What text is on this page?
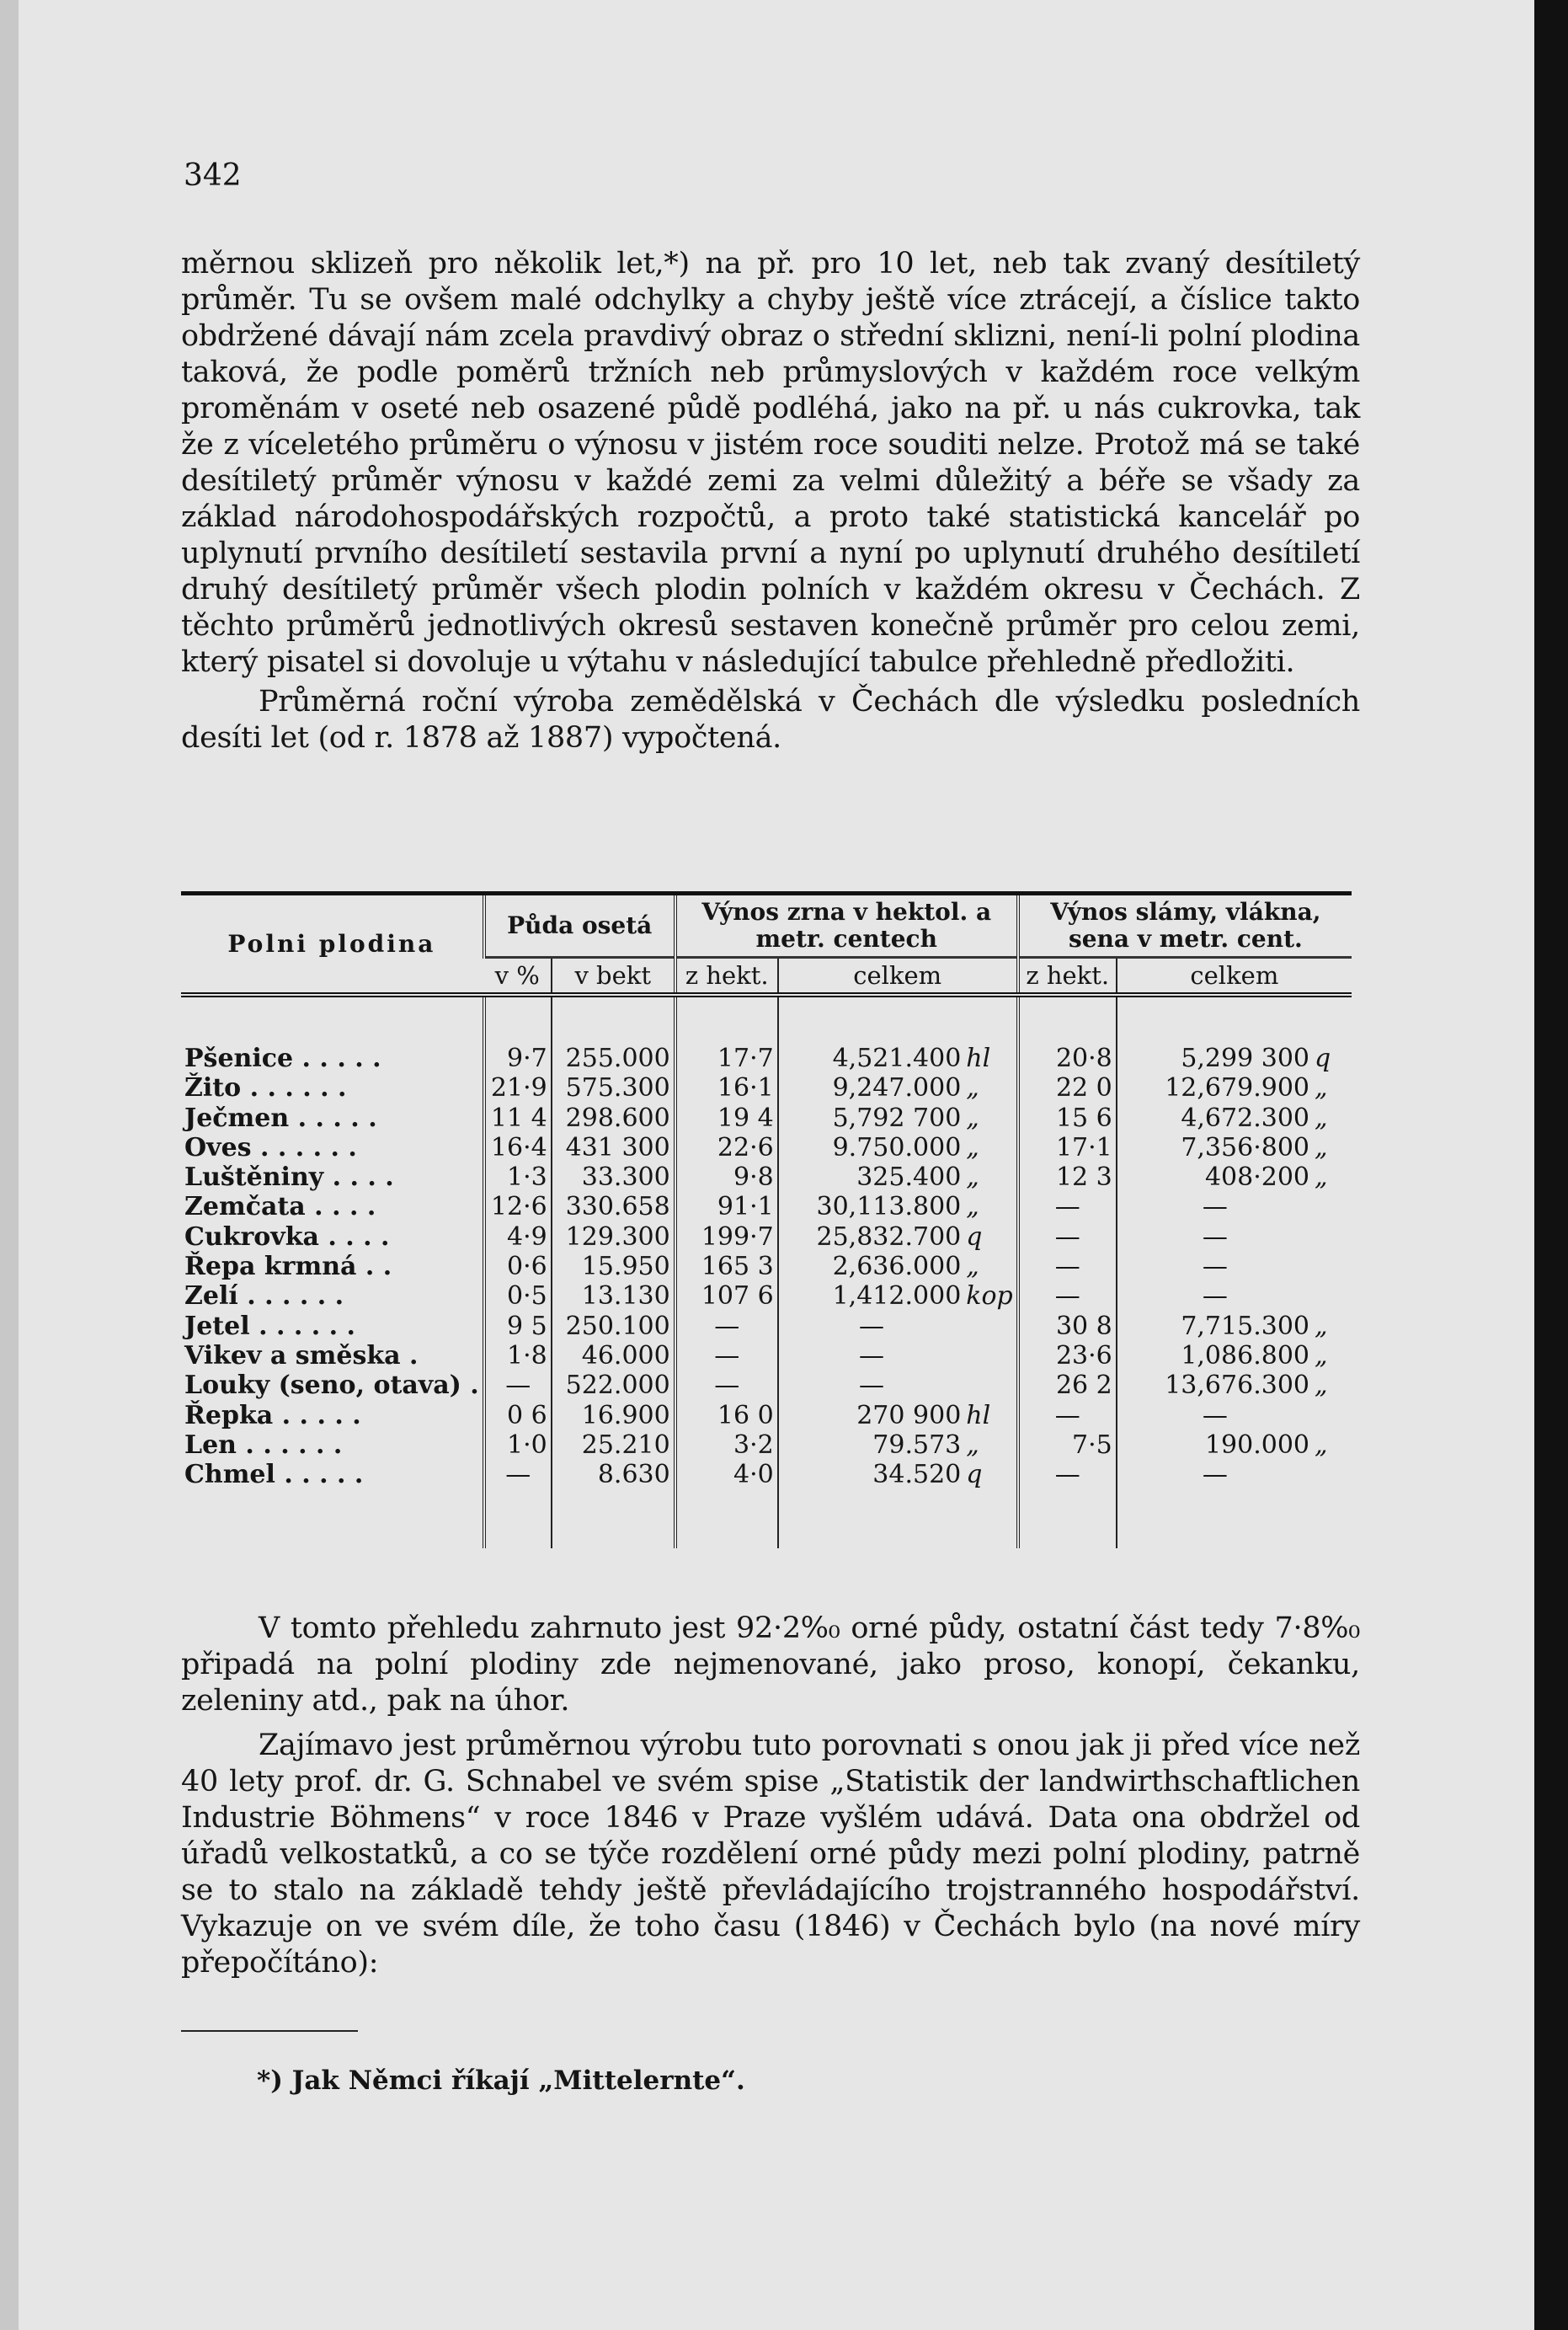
342

měrnou sklizeň pro několik let,*) na př. pro 10 let, neb tak zvaný desítiletý průměr. Tu se ovšem malé odchylky a chyby ještě více ztrácejí, a číslice takto obdržené dávají nám zcela pravdivý obraz o střední sklizni, není-li polní plodina taková, že podle poměrů tržních neb průmyslových v každém roce velkým proměnám v oseté neb osazené půdě podléhá, jako na př. u nás cukrovka, tak že z víceletého průměru o výnosu v jistém roce souditi nelze. Protož má se také desítiletý průměr výnosu v každé zemi za velmi důležitý a béře se všady za základ národohospodářských rozpočtů, a proto také statistická kancelář po uplynutí prvního desítiletí sestavila první a nyní po uplynutí druhého desítiletí druhý desítiletý průměr všech plodin polních v každém okresu v Čechách. Z těchto průměrů jednotlivých okresů sestaven konečně průměr pro celou zemi, který pisatel si dovoluje u výtahu v následující tabulce přehledně předložiti.

Průměrná roční výroba zemědělská v Čechách dle výsledku posledních desíti let (od r. 1878 až 1887) vypočtená.

Polni plodina	Půda osetá		Výnos zrna v hektol. a metr. centech			Výnos slámy, vlákna, sena v metr. cent.		
	v %	v bekt	z hekt.	celkem		z hekt.	celkem	

Pšenice . . . . .	9·7	255.000	17·7	4,521.400	hl	20·8	5,299 300	q
Žito . . . . . .	21·9	575.300	16·1	9,247.000	„	22 0	12,679.900	„
Ječmen . . . . .	11 4	298.600	19 4	5,792 700	„	15 6	4,672.300	„
Oves . . . . . .	16·4	431 300	22·6	9.750.000	„	17·1	7,356·800	„
Luštěniny . . . .	1·3	33.300	9·8	325.400	„	12 3	408·200	„
Zemčata . . . .	12·6	330.658	91·1	30,113.800	„	—	—	
Cukrovka . . . .	4·9	129.300	199·7	25,832.700	q	—	—	
Řepa krmná . .	0·6	15.950	165 3	2,636.000	„	—	—	
Zelí . . . . . .	0·5	13.130	107 6	1,412.000	kop	—	—	
Jetel . . . . . .	9 5	250.100	—	—		30 8	7,715.300	„
Vikev a směska .	1·8	46.000	—	—		23·6	1,086.800	„
Louky (seno, otava) .	—	522.000	—	—		26 2	13,676.300	„
Řepka . . . . .	0 6	16.900	16 0	270 900	hl	—	—	
Len . . . . . .	1·0	25.210	3·2	79.573	„	7·5	190.000	„
Chmel . . . . .	—	8.630	4·0	34.520	q	—	—	

V tomto přehledu zahrnuto jest 92·2%₀ orné půdy, ostatní část tedy 7·8%₀ připadá na polní plodiny zde nejmenované, jako proso, konopí, čekanku, zeleniny atd., pak na úhor.

Zajímavo jest průměrnou výrobu tuto porovnati s onou jak ji před více než 40 lety prof. dr. G. Schnabel ve svém spise „Statistik der landwirthschaftlichen Industrie Böhmens“ v roce 1846 v Praze vyšlém udává. Data ona obdržel od úřadů velkostatků, a co se týče rozdělení orné půdy mezi polní plodiny, patrně se to stalo na základě tehdy ještě převládajícího trojstranného hospodářství. Vykazuje on ve svém díle, že toho času (1846) v Čechách bylo (na nové míry přepočítáno):

*) Jak Němci říkají „Mittelernte“.
